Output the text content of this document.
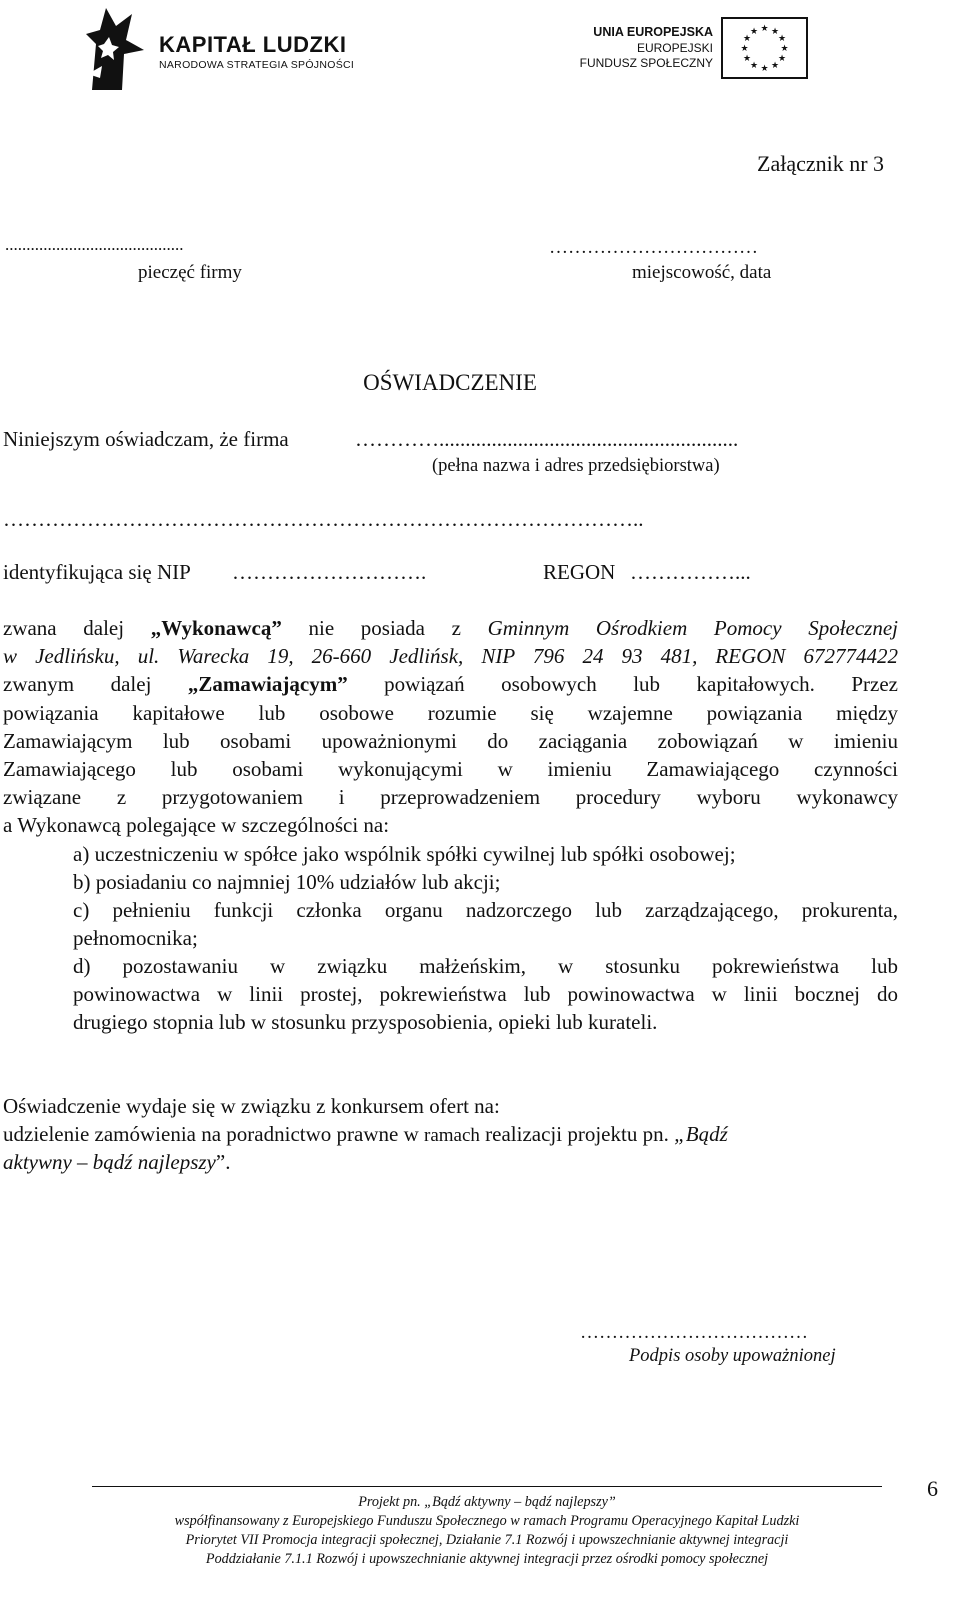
KAPITAŁ LUDZKI
NARODOWA STRATEGIA SPÓJNOŚCI
UNIA EUROPEJSKA
EUROPEJSKI
FUNDUSZ SPOŁECZNY
★ ★
★
★
★
★
★
★
★
★
★
★
Załącznik nr 3
..........................................
pieczęć firmy
……………………………
miejscowość, data
OŚWIADCZENIE
Niniejszym oświadczam, że firma	………….........................................................
(pełna nazwa i adres przedsiębiorstwa)
………………………………………………………………………………..
identyfikująca się NIP ……………………….	REGON ……………...
zwana dalej „Wykonawcą” nie posiada z Gminnym Ośrodkiem Pomocy Społecznej
w Jedlińsku, ul. Warecka 19, 26-660 Jedlińsk, NIP 796 24 93 481, REGON 672774422
zwanym dalej „Zamawiającym” powiązań osobowych lub kapitałowych. Przez
powiązania kapitałowe lub osobowe rozumie się wzajemne powiązania między
Zamawiającym lub osobami upoważnionymi do zaciągania zobowiązań w imieniu
Zamawiającego lub osobami wykonującymi w imieniu Zamawiającego czynności
związane z przygotowaniem i przeprowadzeniem procedury wyboru wykonawcy
a Wykonawcą polegające w szczególności na:
a) uczestniczeniu w spółce jako wspólnik spółki cywilnej lub spółki osobowej;
b) posiadaniu co najmniej 10% udziałów lub akcji;
c) pełnieniu funkcji członka organu nadzorczego lub zarządzającego, prokurenta,
pełnomocnika;
d) pozostawaniu w związku małżeńskim, w stosunku pokrewieństwa lub
powinowactwa w linii prostej, pokrewieństwa lub powinowactwa w linii bocznej do
drugiego stopnia lub w stosunku przysposobienia, opieki lub kurateli.
Oświadczenie wydaje się w związku z konkursem ofert na:
udzielenie zamówienia na poradnictwo prawne w ramach realizacji projektu pn. „Bądź
aktywny – bądź najlepszy”.
………………………………
Podpis osoby upoważnionej
Projekt pn. „Bądź aktywny – bądź najlepszy”
współfinansowany z Europejskiego Funduszu Społecznego w ramach Programu Operacyjnego Kapitał Ludzki
Priorytet VII Promocja integracji społecznej, Działanie 7.1 Rozwój i upowszechnianie aktywnej integracji
Poddziałanie 7.1.1 Rozwój i upowszechnianie aktywnej integracji przez ośrodki pomocy społecznej
6
